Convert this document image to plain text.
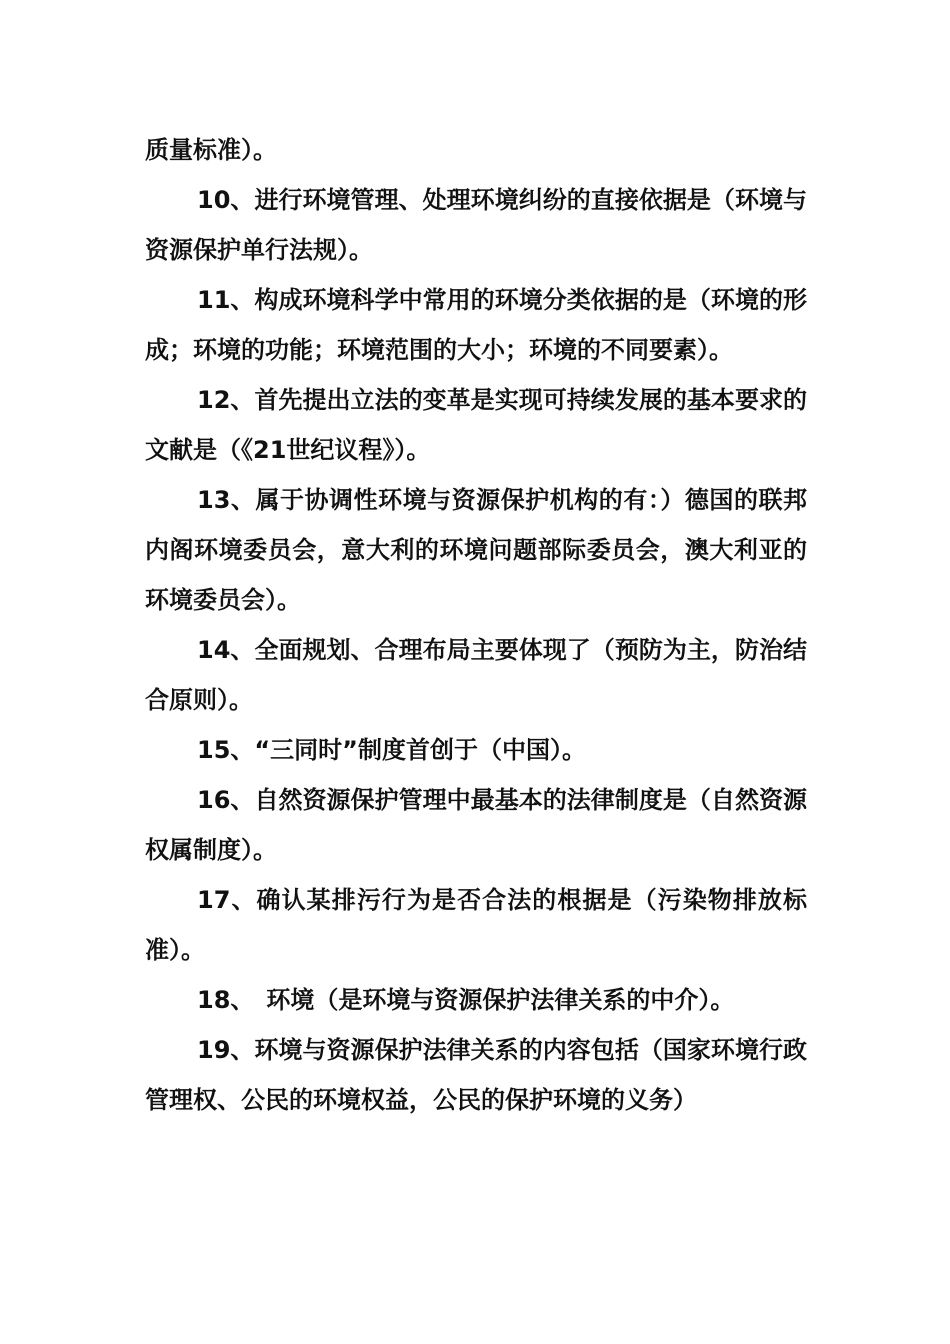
质量标准）。

10、进行环境管理、处理环境纠纷的直接依据是（环境与资源保护单行法规）。

11、构成环境科学中常用的环境分类依据的是（环境的形成；环境的功能；环境范围的大小；环境的不同要素）。

12、首先提出立法的变革是实现可持续发展的基本要求的文献是（《21世纪议程》）。

13、属于协调性环境与资源保护机构的有：）德国的联邦内阁环境委员会，意大利的环境问题部际委员会，澳大利亚的环境委员会）。

14、全面规划、合理布局主要体现了（预防为主，防治结合原则）。

15、“三同时”制度首创于（中国）。

16、自然资源保护管理中最基本的法律制度是（自然资源权属制度）。

17、确认某排污行为是否合法的根据是（污染物排放标准）。

18、　环境（是环境与资源保护法律关系的中介）。

19、环境与资源保护法律关系的内容包括（国家环境行政管理权、公民的环境权益，公民的保护环境的义务）
